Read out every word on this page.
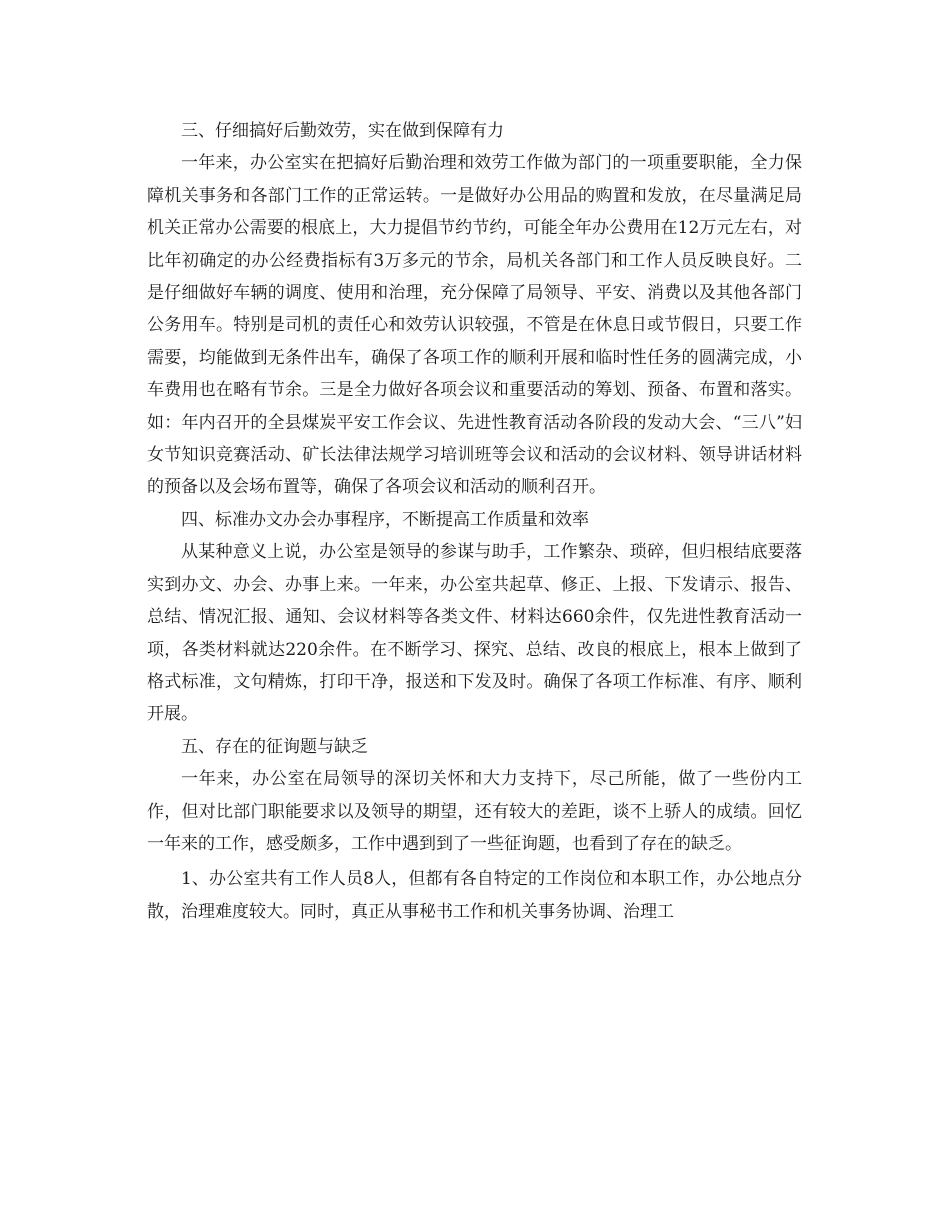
三、仔细搞好后勤效劳，实在做到保障有力

一年来，办公室实在把搞好后勤治理和效劳工作做为部门的一项重要职能，全力保障机关事务和各部门工作的正常运转。一是做好办公用品的购置和发放，在尽量满足局机关正常办公需要的根底上，大力提倡节约节约，可能全年办公费用在12万元左右，对比年初确定的办公经费指标有3万多元的节余，局机关各部门和工作人员反映良好。二是仔细做好车辆的调度、使用和治理，充分保障了局领导、平安、消费以及其他各部门公务用车。特别是司机的责任心和效劳认识较强，不管是在休息日或节假日，只要工作需要，均能做到无条件出车，确保了各项工作的顺利开展和临时性任务的圆满完成，小车费用也在略有节余。三是全力做好各项会议和重要活动的筹划、预备、布置和落实。如：年内召开的全县煤炭平安工作会议、先进性教育活动各阶段的发动大会、“三八”妇女节知识竞赛活动、矿长法律法规学习培训班等会议和活动的会议材料、领导讲话材料的预备以及会场布置等，确保了各项会议和活动的顺利召开。

四、标准办文办会办事程序，不断提高工作质量和效率

从某种意义上说，办公室是领导的参谋与助手，工作繁杂、琐碎，但归根结底要落实到办文、办会、办事上来。一年来，办公室共起草、修正、上报、下发请示、报告、总结、情况汇报、通知、会议材料等各类文件、材料达660余件，仅先进性教育活动一项，各类材料就达220余件。在不断学习、探究、总结、改良的根底上，根本上做到了格式标准，文句精炼，打印干净，报送和下发及时。确保了各项工作标准、有序、顺利开展。

五、存在的征询题与缺乏

一年来，办公室在局领导的深切关怀和大力支持下，尽己所能，做了一些份内工作，但对比部门职能要求以及领导的期望，还有较大的差距，谈不上骄人的成绩。回忆一年来的工作，感受颇多，工作中遇到到了一些征询题，也看到了存在的缺乏。

1、办公室共有工作人员8人，但都有各自特定的工作岗位和本职工作，办公地点分散，治理难度较大。同时，真正从事秘书工作和机关事务协调、治理工
